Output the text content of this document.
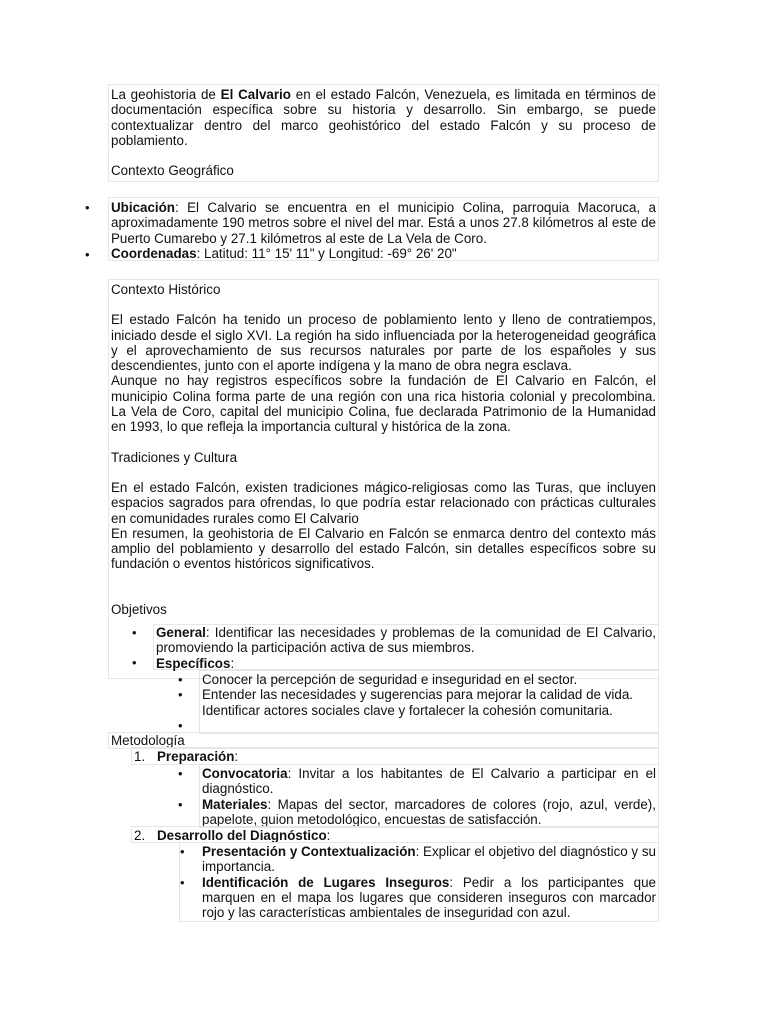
La geohistoria de El Calvario en el estado Falcón, Venezuela, es limitada en términos de documentación específica sobre su historia y desarrollo. Sin embargo, se puede contextualizar dentro del marco geohistórico del estado Falcón y su proceso de poblamiento.

Contexto Geográfico

• Ubicación: El Calvario se encuentra en el municipio Colina, parroquia Macoruca, a aproximadamente 190 metros sobre el nivel del mar. Está a unos 27.8 kilómetros al este de Puerto Cumarebo y 27.1 kilómetros al este de La Vela de Coro.

• Coordenadas: Latitud: 11° 15' 11" y Longitud: -69° 26' 20"

Contexto Histórico

El estado Falcón ha tenido un proceso de poblamiento lento y lleno de contratiempos, iniciado desde el siglo XVI. La región ha sido influenciada por la heterogeneidad geográfica y el aprovechamiento de sus recursos naturales por parte de los españoles y sus descendientes, junto con el aporte indígena y la mano de obra negra esclava.

Aunque no hay registros específicos sobre la fundación de El Calvario en Falcón, el municipio Colina forma parte de una región con una rica historia colonial y precolombina. La Vela de Coro, capital del municipio Colina, fue declarada Patrimonio de la Humanidad en 1993, lo que refleja la importancia cultural y histórica de la zona.

Tradiciones y Cultura

En el estado Falcón, existen tradiciones mágico-religiosas como las Turas, que incluyen espacios sagrados para ofrendas, lo que podría estar relacionado con prácticas culturales en comunidades rurales como El Calvario

En resumen, la geohistoria de El Calvario en Falcón se enmarca dentro del contexto más amplio del poblamiento y desarrollo del estado Falcón, sin detalles específicos sobre su fundación o eventos históricos significativos.

Objetivos

• General: Identificar las necesidades y problemas de la comunidad de El Calvario, promoviendo la participación activa de sus miembros.

• Específicos:

• Conocer la percepción de seguridad e inseguridad en el sector.

• Entender las necesidades y sugerencias para mejorar la calidad de vida.

•

Identificar actores sociales clave y fortalecer la cohesión comunitaria.

Metodología

1. Preparación:

• Convocatoria: Invitar a los habitantes de El Calvario a participar en el diagnóstico.

• Materiales: Mapas del sector, marcadores de colores (rojo, azul, verde), papelote, guion metodológico, encuestas de satisfacción.

2. Desarrollo del Diagnóstico:

• Presentación y Contextualización: Explicar el objetivo del diagnóstico y su importancia.

• Identificación de Lugares Inseguros: Pedir a los participantes que marquen en el mapa los lugares que consideren inseguros con marcador rojo y las características ambientales de inseguridad con azul.
